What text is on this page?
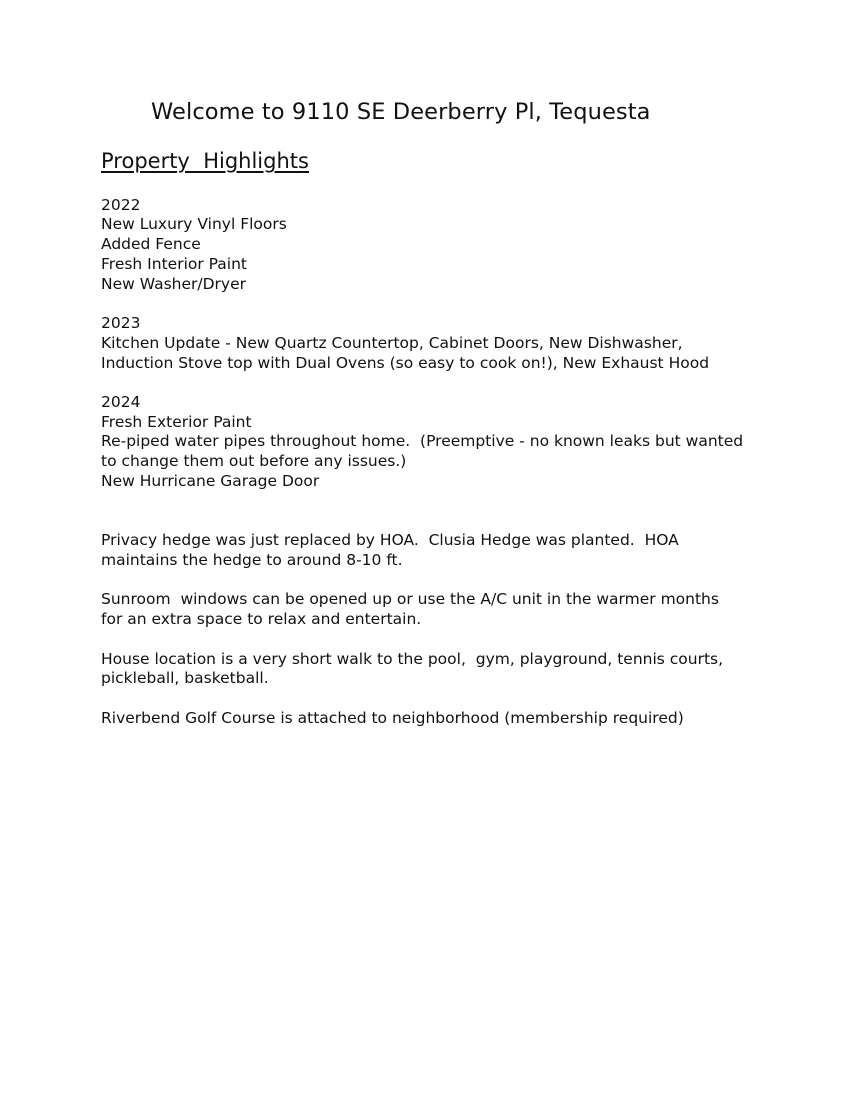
Welcome to 9110 SE Deerberry Pl, Tequesta
Property  Highlights

2022

New Luxury Vinyl Floors

Added Fence

Fresh Interior Paint

New Washer/Dryer

2023

Kitchen Update - New Quartz Countertop, Cabinet Doors, New Dishwasher,

Induction Stove top with Dual Ovens (so easy to cook on!), New Exhaust Hood

2024

Fresh Exterior Paint

Re-piped water pipes throughout home.  (Preemptive - no known leaks but wanted

to change them out before any issues.)

New Hurricane Garage Door

Privacy hedge was just replaced by HOA.  Clusia Hedge was planted.  HOA

maintains the hedge to around 8-10 ft.

Sunroom  windows can be opened up or use the A/C unit in the warmer months

for an extra space to relax and entertain.

House location is a very short walk to the pool,  gym, playground, tennis courts,

pickleball, basketball.

Riverbend Golf Course is attached to neighborhood (membership required)
